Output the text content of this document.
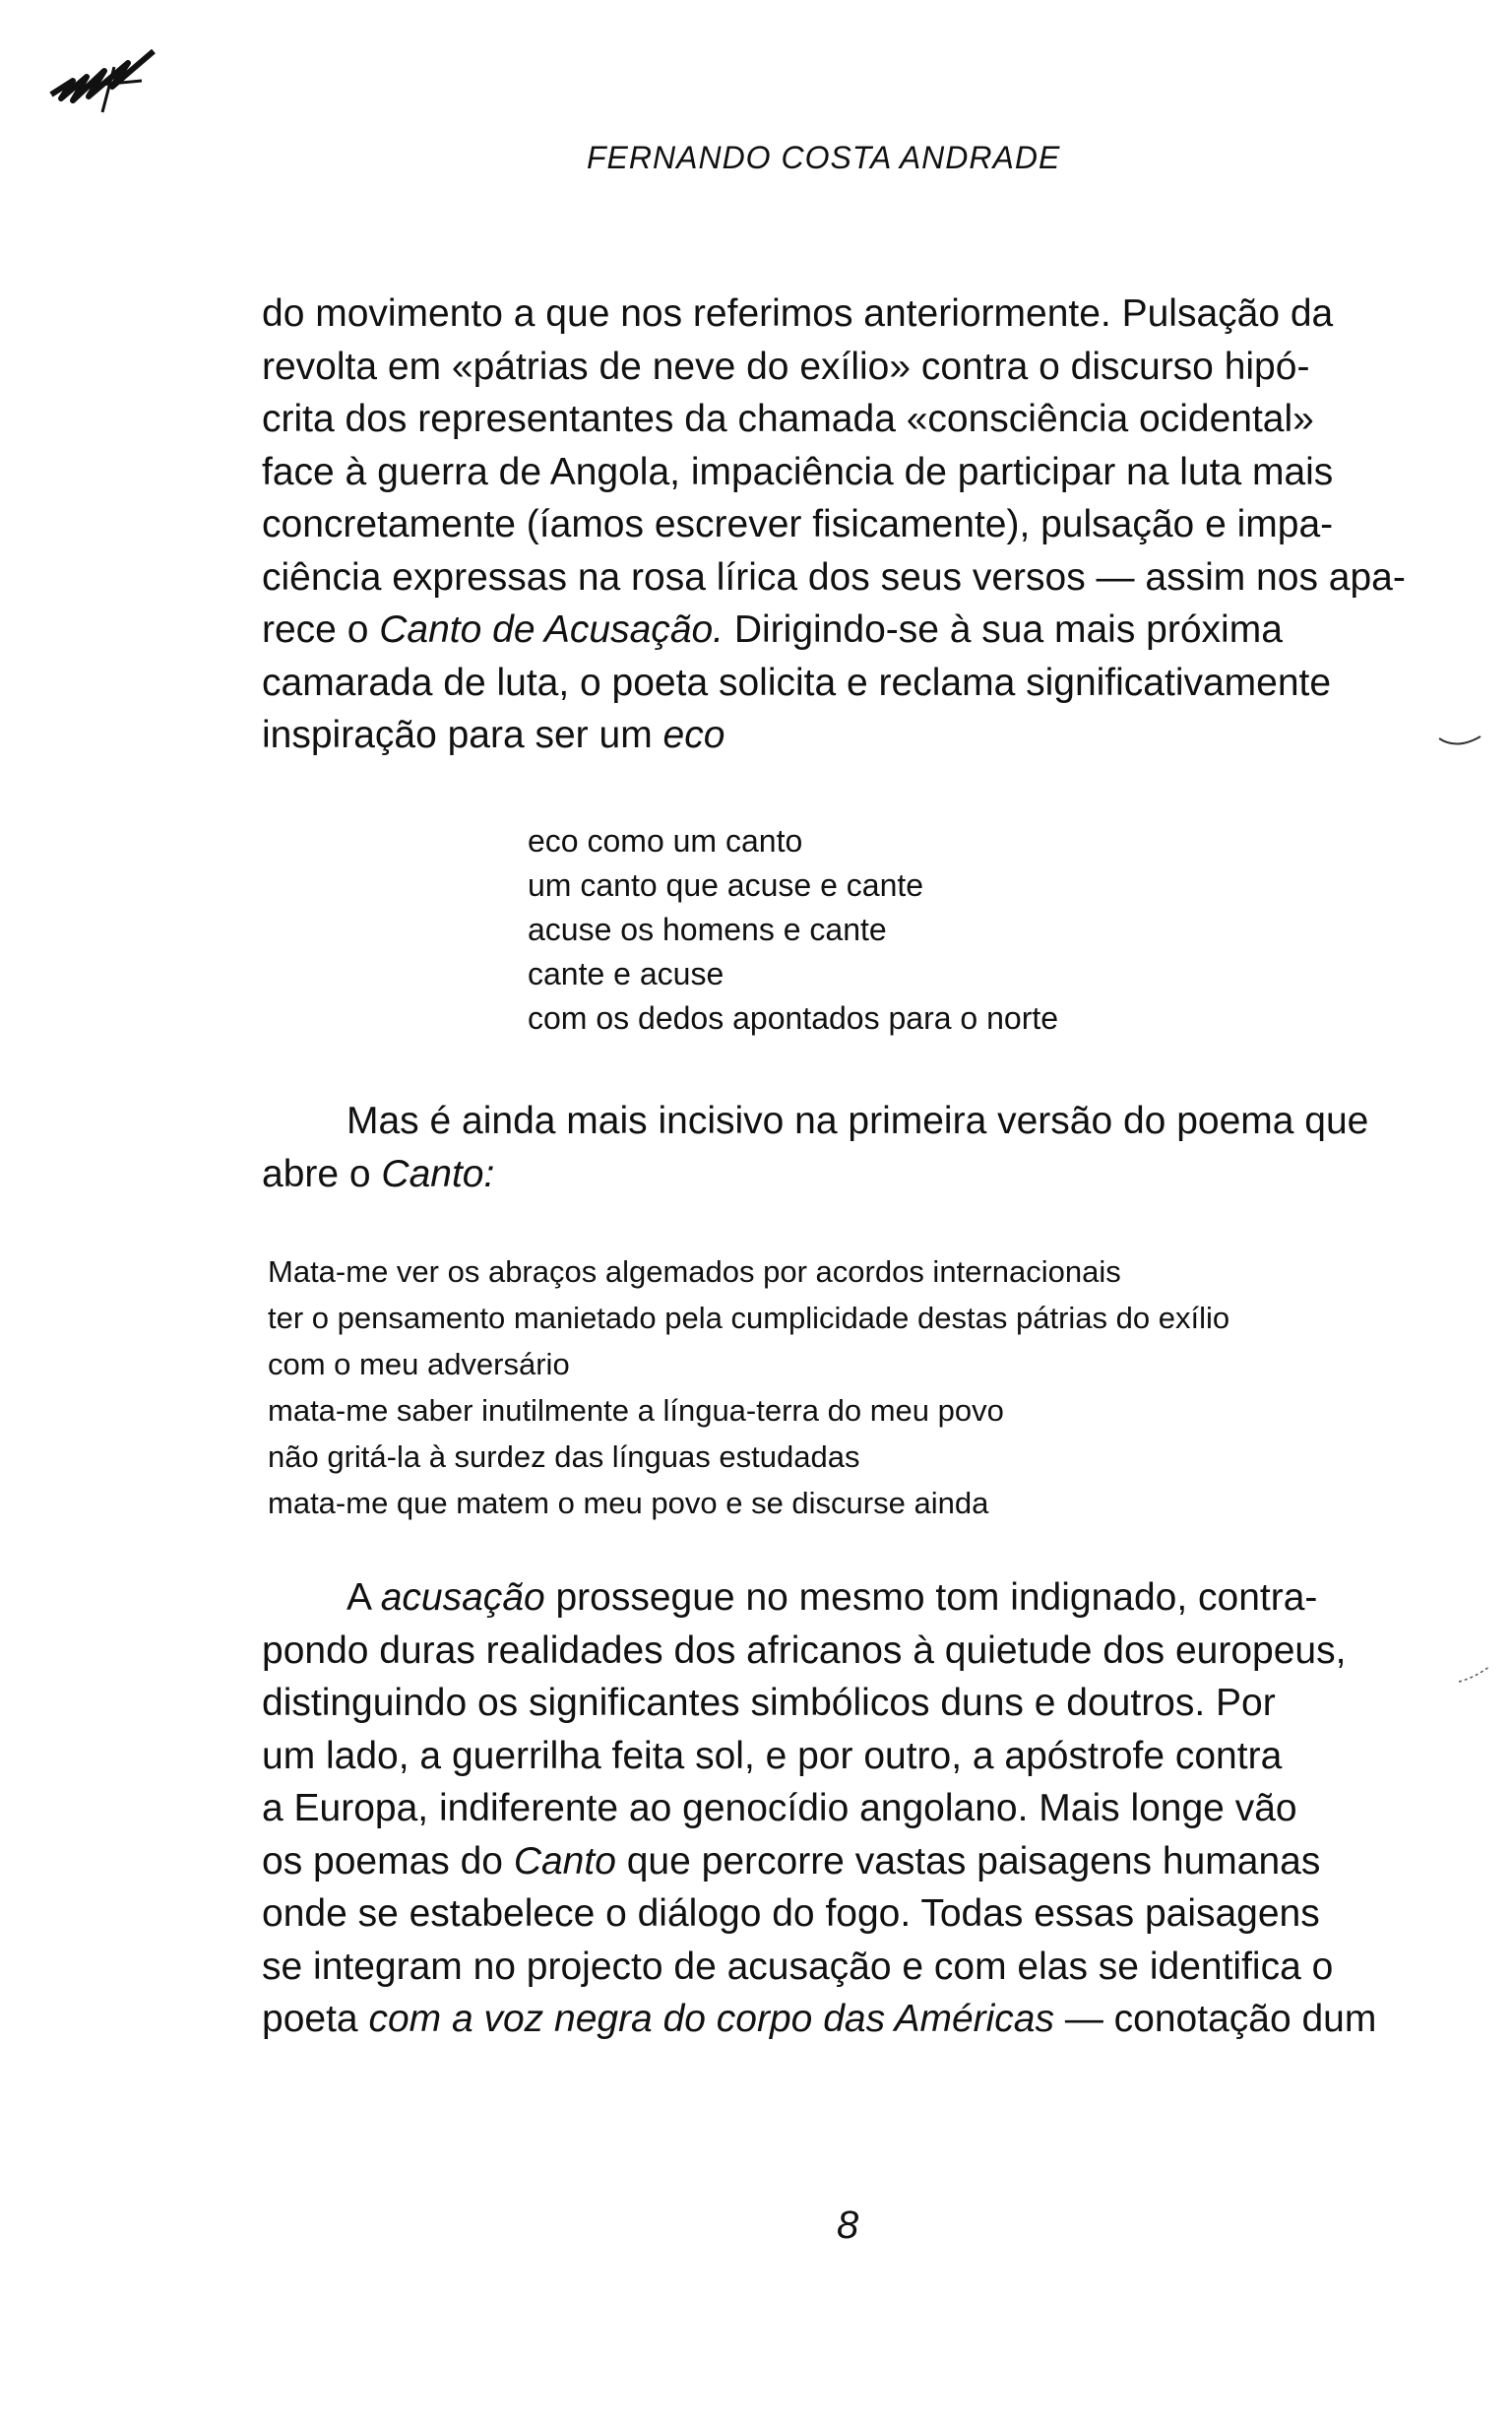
FERNANDO COSTA ANDRADE
do movimento a que nos referimos anteriormente. Pulsação da
revolta em «pátrias de neve do exílio» contra o discurso hipó-
crita dos representantes da chamada «consciência ocidental»
face à guerra de Angola, impaciência de participar na luta mais
concretamente (íamos escrever fisicamente), pulsação e impa-
ciência expressas na rosa lírica dos seus versos — assim nos apa-
rece o Canto de Acusação. Dirigindo-se à sua mais próxima
camarada de luta, o poeta solicita e reclama significativamente
inspiração para ser um eco
eco como um canto
um canto que acuse e cante
acuse os homens e cante
cante e acuse
com os dedos apontados para o norte
Mas é ainda mais incisivo na primeira versão do poema que
abre o Canto:
Mata-me ver os abraços algemados por acordos internacionais
ter o pensamento manietado pela cumplicidade destas pátrias do exílio
com o meu adversário
mata-me saber inutilmente a língua-terra do meu povo
não gritá-la à surdez das línguas estudadas
mata-me que matem o meu povo e se discurse ainda
A acusação prossegue no mesmo tom indignado, contra-
pondo duras realidades dos africanos à quietude dos europeus,
distinguindo os significantes simbólicos duns e doutros. Por
um lado, a guerrilha feita sol, e por outro, a apóstrofe contra
a Europa, indiferente ao genocídio angolano. Mais longe vão
os poemas do Canto que percorre vastas paisagens humanas
onde se estabelece o diálogo do fogo. Todas essas paisagens
se integram no projecto de acusação e com elas se identifica o
poeta com a voz negra do corpo das Américas — conotação dum
8
